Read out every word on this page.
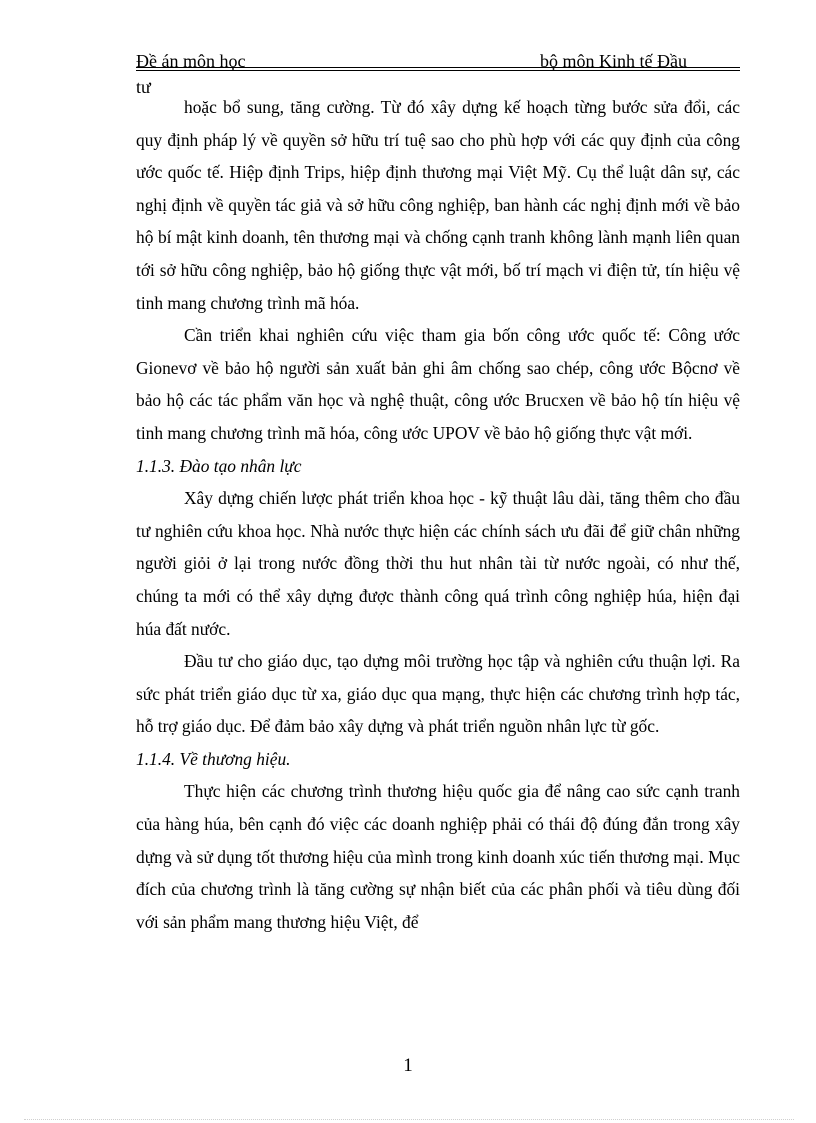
Đề án môn học	bộ môn Kinh tế Đầu
tư

hoặc bổ sung, tăng cường. Từ đó xây dựng kế hoạch từng bước sửa đổi, các quy định pháp lý về quyền sở hữu trí tuệ sao cho phù hợp với các quy định của công ước quốc tế. Hiệp định Trips, hiệp định thương mại Việt Mỹ. Cụ thể luật dân sự, các nghị định về quyền tác giả và sở hữu công nghiệp, ban hành các nghị định mới về bảo hộ bí mật kinh doanh, tên thương mại và chống cạnh tranh không lành mạnh liên quan tới sở hữu công nghiệp, bảo hộ giống thực vật mới, bố trí mạch vi điện tử, tín hiệu vệ tinh mang chương trình mã hóa.

Cần triển khai nghiên cứu việc tham gia bốn công ước quốc tế: Công ước Gionevơ về bảo hộ người sản xuất bản ghi âm chống sao chép, công ước Bộcnơ về bảo hộ các tác phẩm văn học và nghệ thuật, công ước Brucxen về bảo hộ tín hiệu vệ tinh mang chương trình mã hóa, công ước UPOV về bảo hộ giống thực vật mới.

1.1.3. Đào tạo nhân lực

Xây dựng chiến lược phát triển khoa học - kỹ thuật lâu dài, tăng thêm cho đầu tư nghiên cứu khoa học. Nhà nước thực hiện các chính sách ưu đãi để giữ chân những người giỏi ở lại trong nước đồng thời thu hut nhân tài từ nước ngoài, có như thế, chúng ta mới có thể xây dựng được thành công quá trình công nghiệp húa, hiện đại húa đất nước.

Đầu tư cho giáo dục, tạo dựng môi trường học tập và nghiên cứu thuận lợi. Ra sức phát triển giáo dục từ xa, giáo dục qua mạng, thực hiện các chương trình hợp tác, hỗ trợ giáo dục. Để đảm bảo xây dựng và phát triển nguồn nhân lực từ gốc.

1.1.4. Về thương hiệu.

Thực hiện các chương trình thương hiệu quốc gia để nâng cao sức cạnh tranh của hàng húa, bên cạnh đó việc các doanh nghiệp phải có thái độ đúng đắn trong xây dựng và sử dụng tốt thương hiệu của mình trong kinh doanh xúc tiến thương mại. Mục đích của chương trình là tăng cường sự nhận biết của các phân phối và tiêu dùng đối với sản phẩm mang thương hiệu Việt, để

1
